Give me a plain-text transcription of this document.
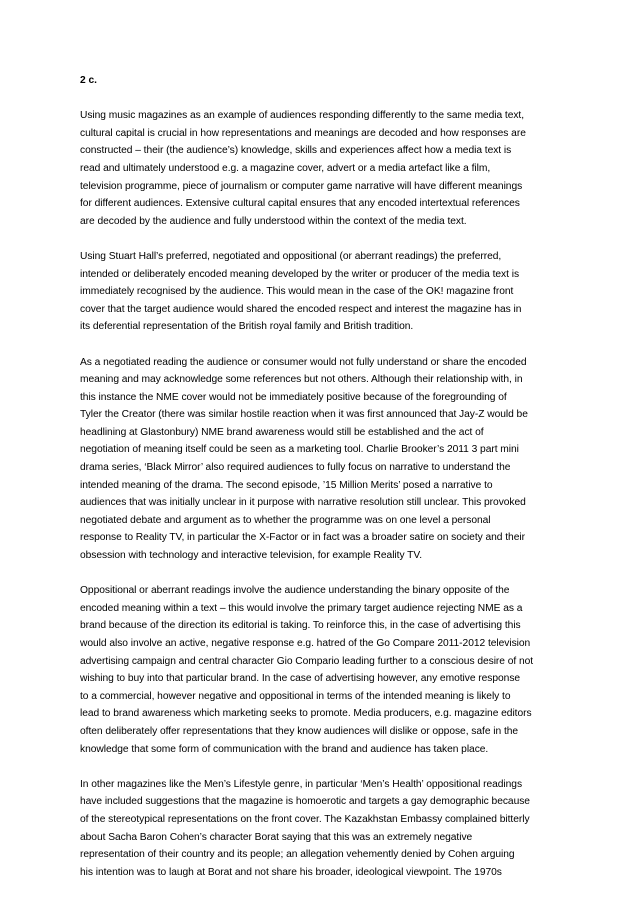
2 c.
Using music magazines as an example of audiences responding differently to the same media text,
cultural capital is crucial in how representations and meanings are decoded and how responses are
constructed – their (the audience’s) knowledge, skills and experiences affect how a media text is
read and ultimately understood e.g. a magazine cover, advert or a media artefact like a film,
television programme, piece of journalism or computer game narrative will have different meanings
for different audiences. Extensive cultural capital ensures that any encoded intertextual references
are decoded by the audience and fully understood within the context of the media text.
Using Stuart Hall’s preferred, negotiated and oppositional (or aberrant readings) the preferred,
intended or deliberately encoded meaning developed by the writer or producer of the media text is
immediately recognised by the audience. This would mean in the case of the OK! magazine front
cover that the target audience would shared the encoded respect and interest the magazine has in
its deferential representation of the British royal family and British tradition.
As a negotiated reading the audience or consumer would not fully understand or share the encoded
meaning and may acknowledge some references but not others. Although their relationship with, in
this instance the NME cover would not be immediately positive because of the foregrounding of
Tyler the Creator (there was similar hostile reaction when it was first announced that Jay-Z would be
headlining at Glastonbury) NME brand awareness would still be established and the act of
negotiation of meaning itself could be seen as a marketing tool. Charlie Brooker’s 2011 3 part mini
drama series, ‘Black Mirror’ also required audiences to fully focus on narrative to understand the
intended meaning of the drama. The second episode, ’15 Million Merits’ posed a narrative to
audiences that was initially unclear in it purpose with narrative resolution still unclear. This provoked
negotiated debate and argument as to whether the programme was on one level a personal
response to Reality TV, in particular the X-Factor or in fact was a broader satire on society and their
obsession with technology and interactive television, for example Reality TV.
Oppositional or aberrant readings involve the audience understanding the binary opposite of the
encoded meaning within a text – this would involve the primary target audience rejecting NME as a
brand because of the direction its editorial is taking. To reinforce this, in the case of advertising this
would also involve an active, negative response e.g. hatred of the Go Compare 2011-2012 television
advertising campaign and central character Gio Compario leading further to a conscious desire of not
wishing to buy into that particular brand. In the case of advertising however, any emotive response
to a commercial, however negative and oppositional in terms of the intended meaning is likely to
lead to brand awareness which marketing seeks to promote. Media producers, e.g. magazine editors
often deliberately offer representations that they know audiences will dislike or oppose, safe in the
knowledge that some form of communication with the brand and audience has taken place.
In other magazines like the Men’s Lifestyle genre, in particular ‘Men’s Health’ oppositional readings
have included suggestions that the magazine is homoerotic and targets a gay demographic because
of the stereotypical representations on the front cover. The Kazakhstan Embassy complained bitterly
about Sacha Baron Cohen’s character Borat saying that this was an extremely negative
representation of their country and its people; an allegation vehemently denied by Cohen arguing
his intention was to laugh at Borat and not share his broader, ideological viewpoint. The 1970s
